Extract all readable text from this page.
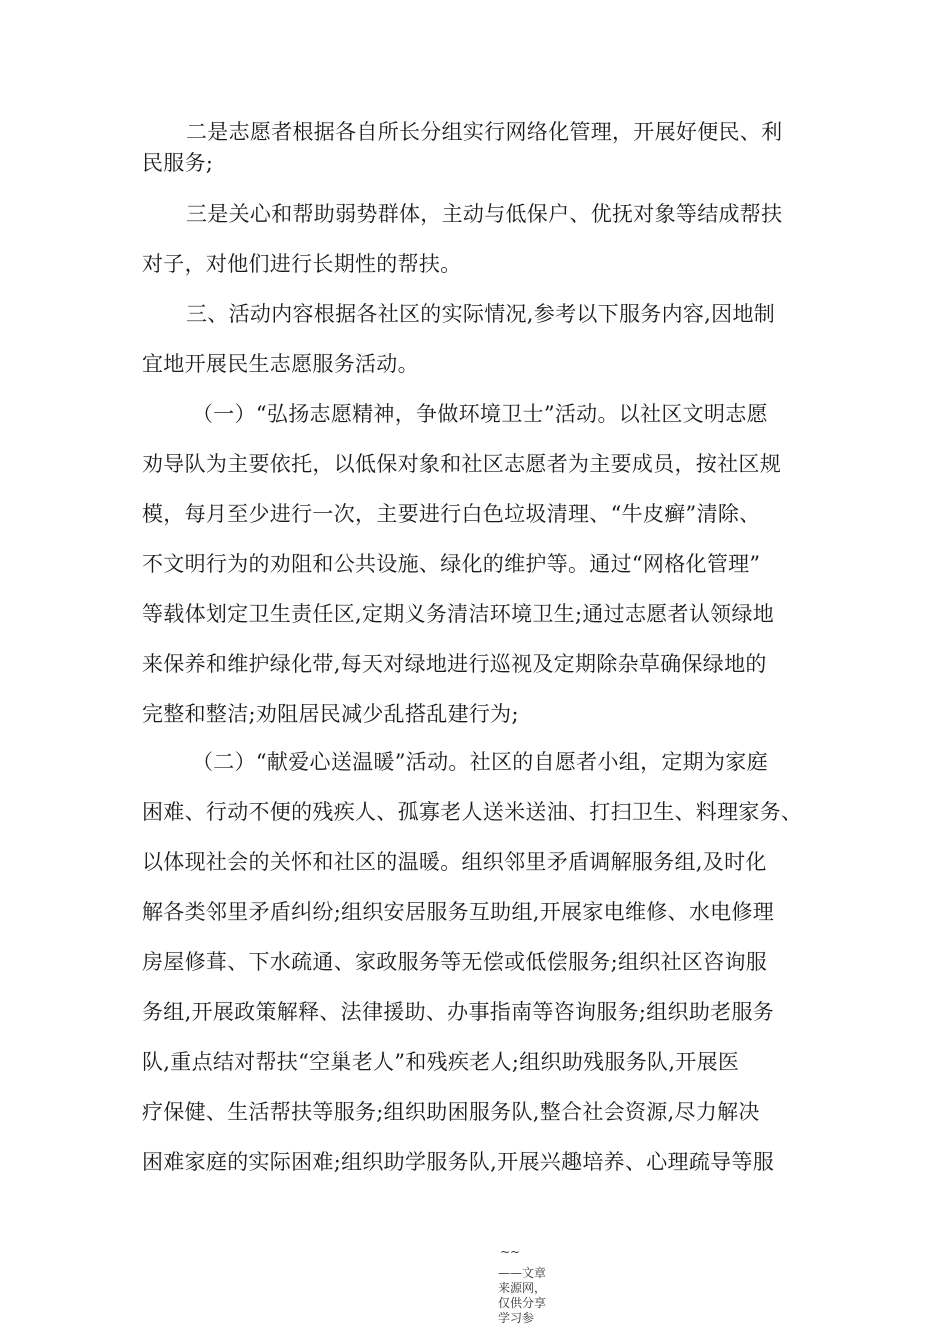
二是志愿者根据各自所长分组实行网络化管理，开展好便民、利
民服务;
三是关心和帮助弱势群体，主动与低保户、优抚对象等结成帮扶
对子，对他们进行长期性的帮扶。
三、活动内容根据各社区的实际情况,参考以下服务内容,因地制
宜地开展民生志愿服务活动。
（一）“弘扬志愿精神，争做环境卫士”活动。以社区文明志愿
劝导队为主要依托，以低保对象和社区志愿者为主要成员，按社区规
模，每月至少进行一次，主要进行白色垃圾清理、“牛皮癣”清除、
不文明行为的劝阻和公共设施、绿化的维护等。通过“网格化管理”
等载体划定卫生责任区,定期义务清洁环境卫生;通过志愿者认领绿地
来保养和维护绿化带,每天对绿地进行巡视及定期除杂草确保绿地的
完整和整洁;劝阻居民减少乱搭乱建行为;
（二）“献爱心送温暖”活动。社区的自愿者小组，定期为家庭
困难、行动不便的残疾人、孤寡老人送米送油、打扫卫生、料理家务、
以体现社会的关怀和社区的温暖。组织邻里矛盾调解服务组,及时化
解各类邻里矛盾纠纷;组织安居服务互助组,开展家电维修、水电修理
房屋修葺、下水疏通、家政服务等无偿或低偿服务;组织社区咨询服
务组,开展政策解释、法律援助、办事指南等咨询服务;组织助老服务
队,重点结对帮扶“空巢老人”和残疾老人;组织助残服务队,开展医
疗保健、生活帮扶等服务;组织助困服务队,整合社会资源,尽力解决
困难家庭的实际困难;组织助学服务队,开展兴趣培养、心理疏导等服
~~
——文章来源网，仅供分享学习参
